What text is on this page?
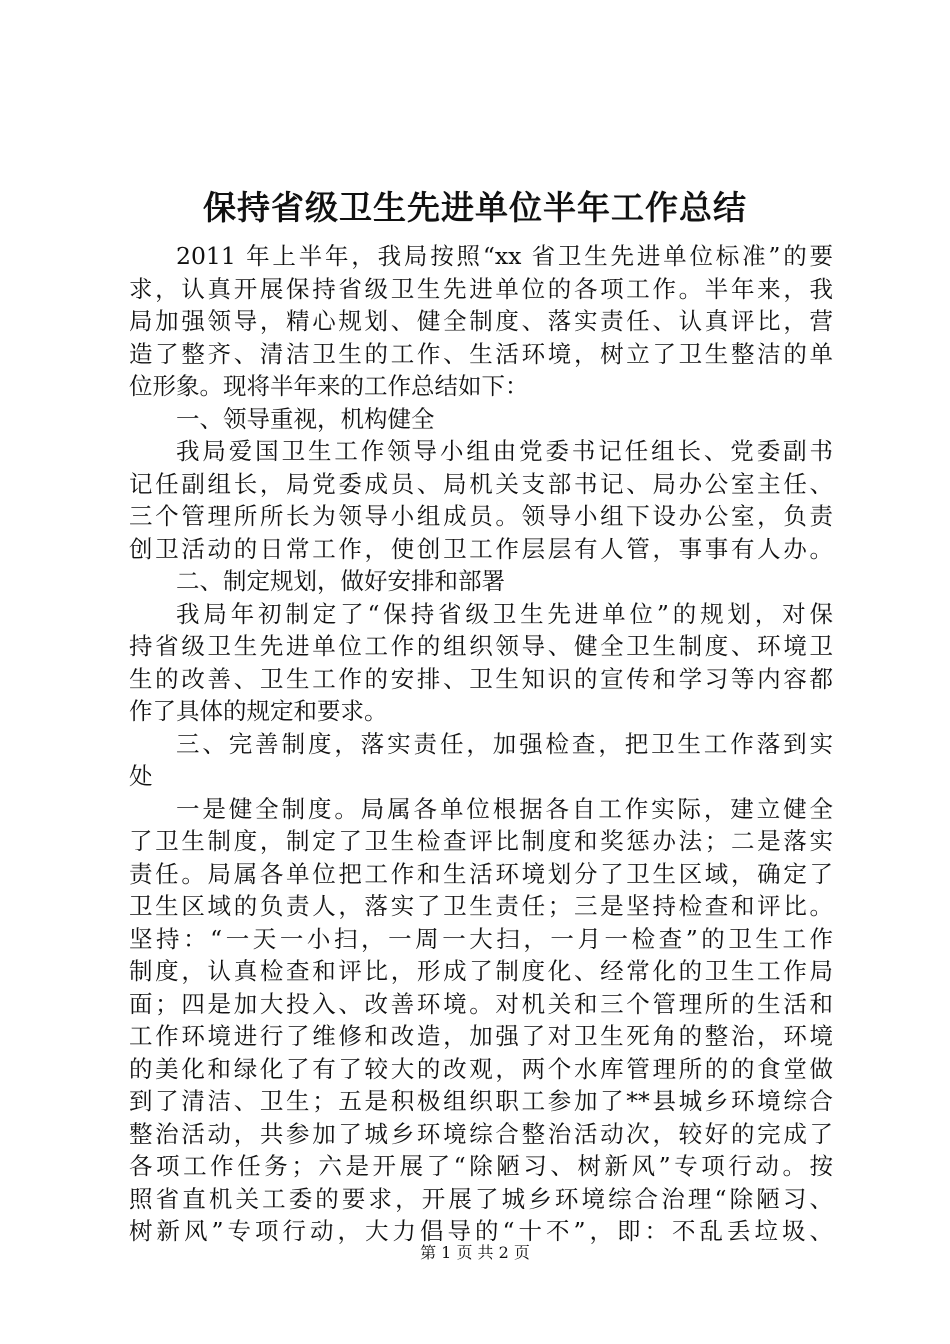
保持省级卫生先进单位半年工作总结
2011 年上半年，我局按照“xx 省卫生先进单位标准”的要
求，认真开展保持省级卫生先进单位的各项工作。半年来，我
局加强领导，精心规划、健全制度、落实责任、认真评比，营
造了整齐、清洁卫生的工作、生活环境，树立了卫生整洁的单
位形象。现将半年来的工作总结如下：
一、领导重视，机构健全
我局爱国卫生工作领导小组由党委书记任组长、党委副书
记任副组长，局党委成员、局机关支部书记、局办公室主任、
三个管理所所长为领导小组成员。领导小组下设办公室，负责
创卫活动的日常工作，使创卫工作层层有人管，事事有人办。
二、制定规划，做好安排和部署
我局年初制定了“保持省级卫生先进单位”的规划，对保
持省级卫生先进单位工作的组织领导、健全卫生制度、环境卫
生的改善、卫生工作的安排、卫生知识的宣传和学习等内容都
作了具体的规定和要求。
三、完善制度，落实责任，加强检查，把卫生工作落到实
处
一是健全制度。局属各单位根据各自工作实际，建立健全
了卫生制度，制定了卫生检查评比制度和奖惩办法；二是落实
责任。局属各单位把工作和生活环境划分了卫生区域，确定了
卫生区域的负责人，落实了卫生责任；三是坚持检查和评比。
坚持：“一天一小扫，一周一大扫，一月一检查”的卫生工作
制度，认真检查和评比，形成了制度化、经常化的卫生工作局
面；四是加大投入、改善环境。对机关和三个管理所的生活和
工作环境进行了维修和改造，加强了对卫生死角的整治，环境
的美化和绿化了有了较大的改观，两个水库管理所的的食堂做
到了清洁、卫生；五是积极组织职工参加了**县城乡环境综合
整治活动，共参加了城乡环境综合整治活动次，较好的完成了
各项工作任务；六是开展了“除陋习、树新风”专项行动。按
照省直机关工委的要求，开展了城乡环境综合治理“除陋习、
树新风”专项行动，大力倡导的“十不”，即：不乱丢垃圾、
第 1 页 共 2 页
